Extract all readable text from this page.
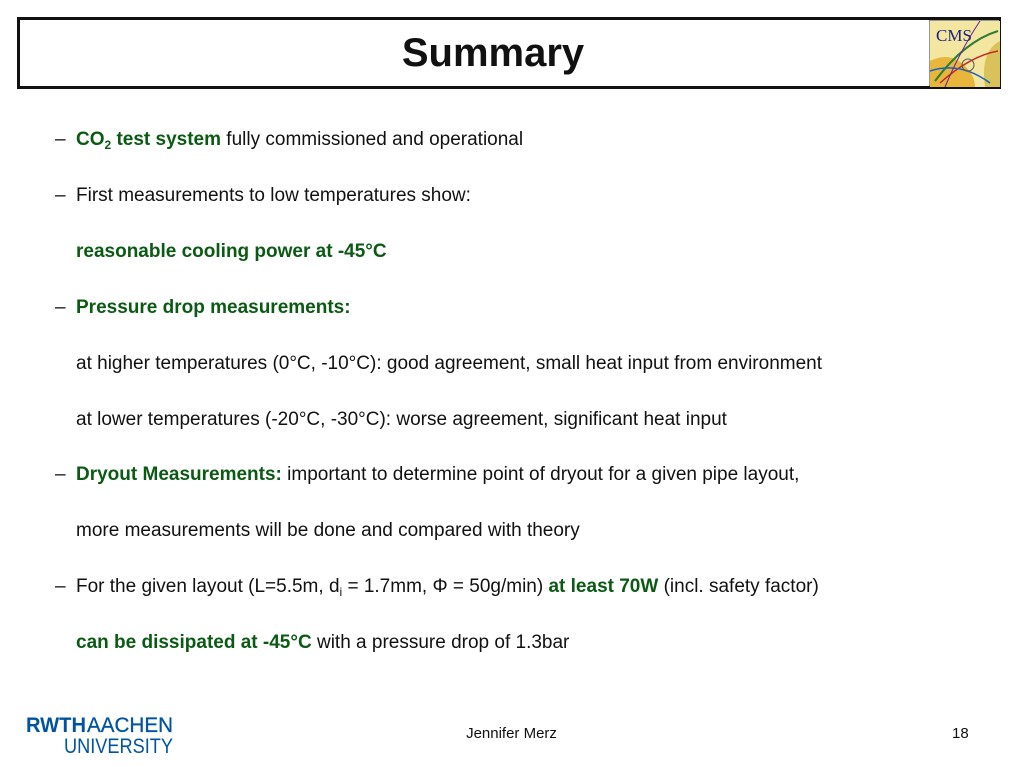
Summary	CMS
– $CO_2$ test system fully commissioned and operational
– First measurements to low temperatures show:
reasonable cooling power at -45°C
– Pressure drop measurements:
at higher temperatures (0°C, -10°C): good agreement, small heat input from environment
at lower temperatures (-20°C, -30°C): worse agreement, significant heat input
– Dryout Measurements: important to determine point of dryout for a given pipe layout,
more measurements will be done and compared with theory
– For the given layout (L=5.5m, $d_i = 1.7mm$, Φ = 50g/min) at least 70W (incl. safety factor)
can be dissipated at -45°C with a pressure drop of 1.3bar
RWTH AACHEN
UNIVERSITY
Jennifer Merz	18
